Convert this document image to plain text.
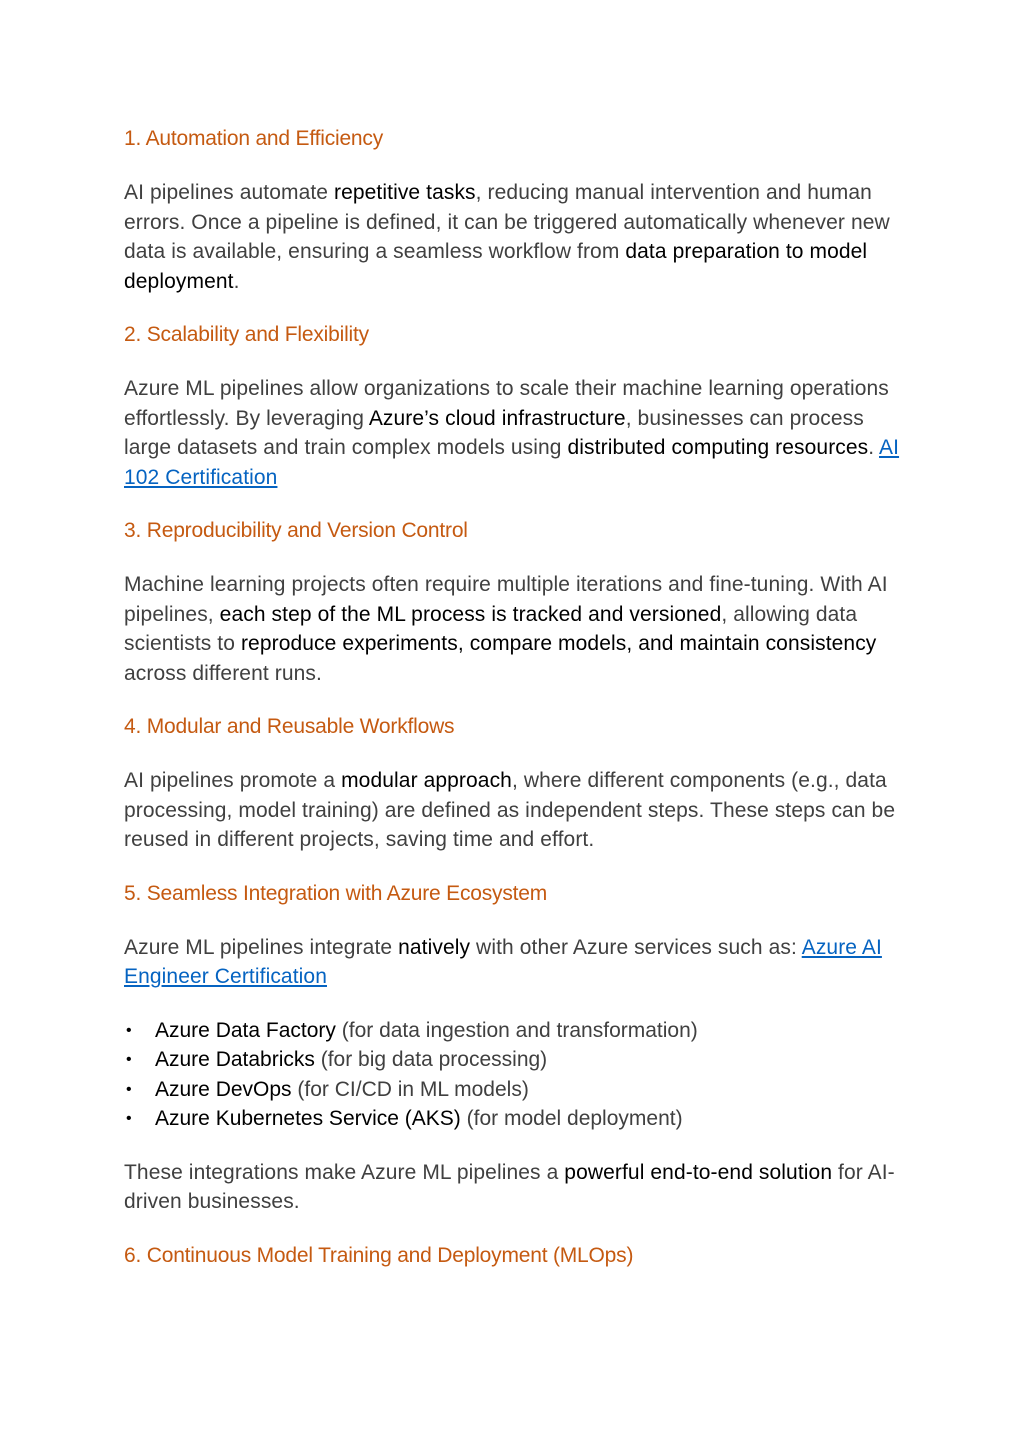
1. Automation and Efficiency

AI pipelines automate repetitive tasks, reducing manual intervention and human errors. Once a pipeline is defined, it can be triggered automatically whenever new data is available, ensuring a seamless workflow from data preparation to model deployment.

2. Scalability and Flexibility

Azure ML pipelines allow organizations to scale their machine learning operations effortlessly. By leveraging Azure’s cloud infrastructure, businesses can process large datasets and train complex models using distributed computing resources. AI 102 Certification

3. Reproducibility and Version Control

Machine learning projects often require multiple iterations and fine-tuning. With AI pipelines, each step of the ML process is tracked and versioned, allowing data scientists to reproduce experiments, compare models, and maintain consistency across different runs.

4. Modular and Reusable Workflows

AI pipelines promote a modular approach, where different components (e.g., data processing, model training) are defined as independent steps. These steps can be reused in different projects, saving time and effort.

5. Seamless Integration with Azure Ecosystem

Azure ML pipelines integrate natively with other Azure services such as: Azure AI Engineer Certification

• Azure Data Factory (for data ingestion and transformation)
• Azure Databricks (for big data processing)
• Azure DevOps (for CI/CD in ML models)
• Azure Kubernetes Service (AKS) (for model deployment)

These integrations make Azure ML pipelines a powerful end-to-end solution for AI-driven businesses.

6. Continuous Model Training and Deployment (MLOps)
